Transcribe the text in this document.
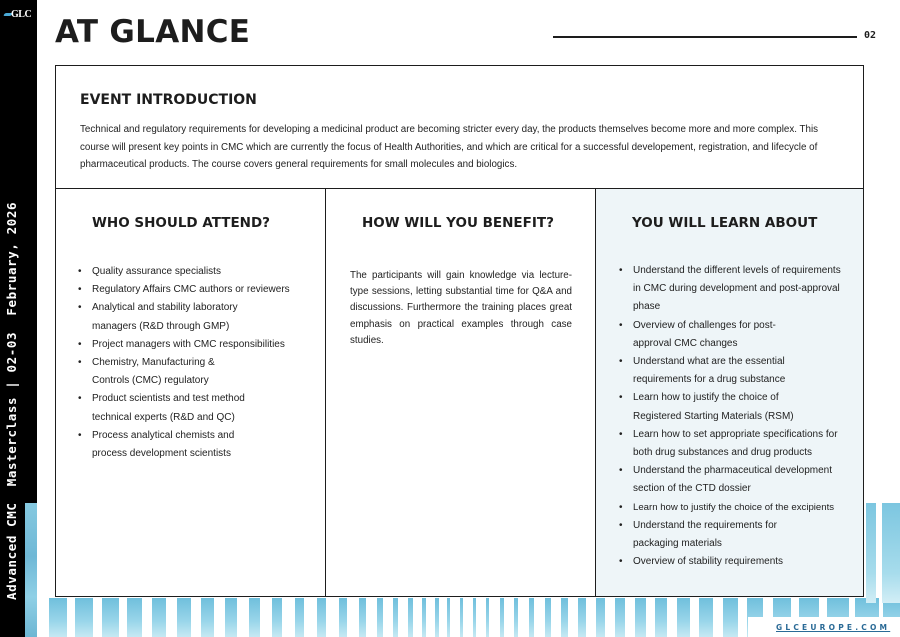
GLC
Advanced CMC  Masterclass | 02-03  February, 2026
AT GLANCE	02
EVENT INTRODUCTION

Technical and regulatory requirements for developing a medicinal product are becoming stricter every day, the products themselves become more and more complex. This course will present key points in CMC which are currently the focus of Health Authorities, and which are critical for a successful developement, registration, and lifecycle of pharmaceutical products. The course covers general requirements for small molecules and biologics.

WHO SHOULD ATTEND?
• Quality assurance specialists
• Regulatory Affairs CMC authors or reviewers
• Analytical and stability laboratory managers (R&D through GMP)
• Project managers with CMC responsibilities
• Chemistry, Manufacturing & Controls (CMC) regulatory
• Product scientists and test method technical experts (R&D and QC)
• Process analytical chemists and process development scientists
HOW WILL YOU BENEFIT?

The participants will gain knowledge via lecture-type sessions, letting substantial time for Q&A and discussions. Furthermore the training places great emphasis on practical examples through case studies.

YOU WILL LEARN ABOUT
• Understand the different levels of requirements in CMC during development and post-approval phase
• Overview of challenges for post-approval CMC changes
• Understand what are the essential requirements for a drug substance
• Learn how to justify the choice of Registered Starting Materials (RSM)
• Learn how to set appropriate specifications for both drug substances and drug products
• Understand the pharmaceutical development section of the CTD dossier
• Learn how to justify the choice of the excipients
• Understand the requirements for packaging materials
• Overview of stability requirements
GLCEUROPE.COM
